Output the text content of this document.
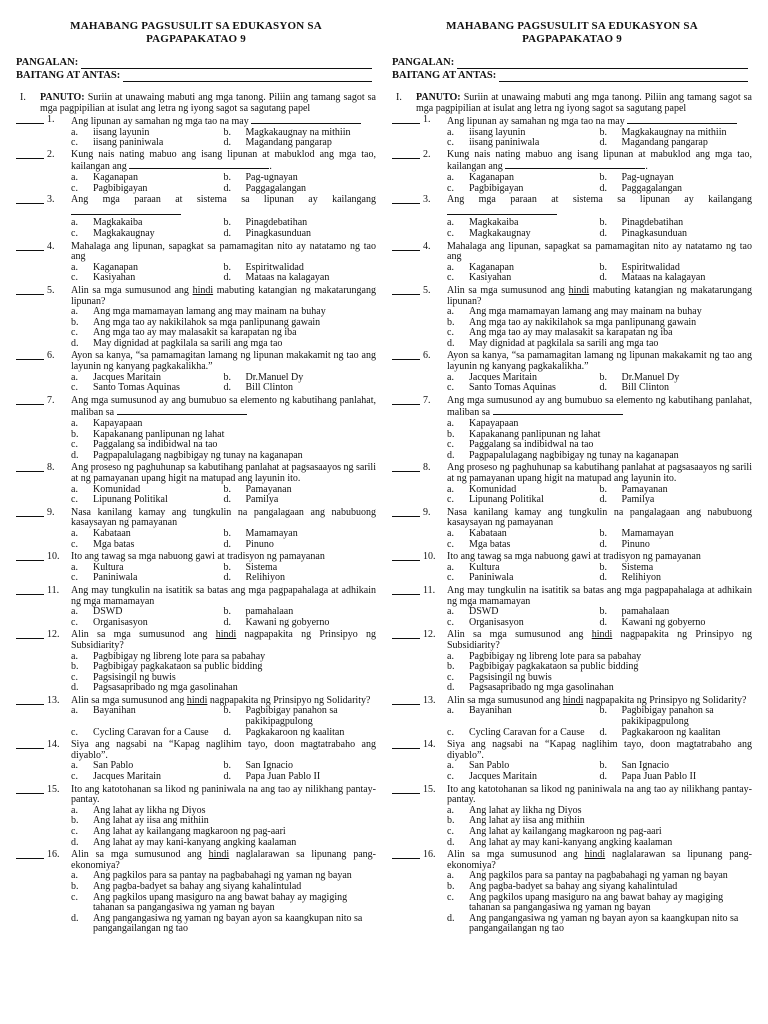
MAHABANG PAGSUSULIT SA EDUKASYON SA
PAGPAPAKATAO 9
PANGALAN:
BAITANG AT ANTAS:
I.	PANUTO: Suriin at unawaing mabuti ang mga tanong. Piliin ang tamang sagot sa mga pagpipilian at isulat ang letra ng iyong sagot sa sagutang papel
1. Ang lipunan ay samahan ng mga tao na may
a.	iisang layunin	b.	Magkakaugnay na mithiin
c.	iisang paniniwala	d.	Magandang pangarap
2. Kung nais nating mabuo ang isang lipunan at mabuklod ang mga tao, kailangan ang	.
a.	Kaganapan	b.	Pag-ugnayan
c.	Pagbibigayan	d.	Paggagalangan
3. Ang mga paraan at sistema sa lipunan ay kailangang
a.	Magkakaiba	b.	Pinagdebatihan
c.	Magkakaugnay	d.	Pinagkasunduan
4. Mahalaga ang lipunan, sapagkat sa pamamagitan nito ay natatamo ng tao ang
a.	Kaganapan	b.	Espiritwalidad
c.	Kasiyahan	d.	Mataas na kalagayan
5. Alin sa mga sumusunod ang hindi mabuting katangian ng makatarungang lipunan?
a.	Ang mga mamamayan lamang ang may mainam na buhay
b.	Ang mga tao ay nakikilahok sa mga panlipunang gawain
c.	Ang mga tao ay may malasakit sa karapatan ng iba
d.	May dignidad at pagkilala sa sarili ang mga tao
6. Ayon sa kanya, “sa pamamagitan lamang ng lipunan makakamit ng tao ang layunin ng kanyang pagkakalikha.”
a.	Jacques Maritain	b.	Dr.Manuel Dy
c.	Santo Tomas Aquinas	d.	Bill Clinton
7. Ang mga sumusunod ay ang bumubuo sa elemento ng kabutihang panlahat, maliban sa
a.	Kapayapaan
b.	Kapakanang panlipunan ng lahat
c.	Paggalang sa indibidwal na tao
d.	Pagpapalulagang nagbibigay ng tunay na kaganapan
8. Ang proseso ng paghuhunap sa kabutihang panlahat at pagsasaayos ng sarili at ng pamayanan upang higit na matupad ang layunin ito.
a.	Komunidad	b.	Pamayanan
c.	Lipunang Politikal	d.	Pamilya
9. Nasa kanilang kamay ang tungkulin na pangalagaan ang nabubuong kasaysayan ng pamayanan
a.	Kabataan	b.	Mamamayan
c.	Mga batas	d.	Pinuno
10. Ito ang tawag sa mga nabuong gawi at tradisyon ng pamayanan
a.	Kultura	b.	Sistema
c.	Paniniwala	d.	Relihiyon
11. Ang may tungkulin na isatitik sa batas ang mga pagpapahalaga at adhikain ng mga mamamayan
a.	DSWD	b.	pamahalaan
c.	Organisasyon	d.	Kawani ng gobyerno
12. Alin sa mga sumusunod ang hindi nagpapakita ng Prinsipyo ng Subsidiarity?
a.	Pagbibigay ng libreng lote para sa pabahay
b.	Pagbibigay pagkakataon sa public bidding
c.	Pagsisingil ng buwis
d.	Pagsasapribado ng mga gasolinahan
13. Alin sa mga sumusunod ang hindi nagpapakita ng Prinsipyo ng Solidarity?
a.	Bayanihan	b.	Pagbibigay panahon sa pakikipagpulong
c.	Cycling Caravan for a Cause	d.	Pagkakaroon ng kaalitan
14. Siya ang nagsabi na “Kapag naglihim tayo, doon magtatrabaho ang diyablo”.
a.	San Pablo	b.	San Ignacio
c.	Jacques Maritain	d.	Papa Juan Pablo II
15. Ito ang katotohanan sa likod ng paniniwala na ang tao ay nilikhang pantay-pantay.
a.	Ang lahat ay likha ng Diyos
b.	Ang lahat ay iisa ang mithiin
c.	Ang lahat ay kailangang magkaroon ng pag-aari
d.	Ang lahat ay may kani-kanyang angking kaalaman
16. Alin sa mga sumusunod ang hindi naglalarawan sa lipunang pang-ekonomiya?
a.	Ang pagkilos para sa pantay na pagbabahagi ng yaman ng bayan
b.	Ang pagba-badyet sa bahay ang siyang kahalintulad
c.	Ang pagkilos upang masiguro na ang bawat bahay ay magiging tahanan sa pangangasiwa ng yaman ng bayan
d.	Ang pangangasiwa ng yaman ng bayan ayon sa kaangkupan nito sa pangangailangan ng tao
MAHABANG PAGSUSULIT SA EDUKASYON SA
PAGPAPAKATAO 9
PANGALAN:
BAITANG AT ANTAS:
I.	PANUTO: Suriin at unawaing mabuti ang mga tanong. Piliin ang tamang sagot sa mga pagpipilian at isulat ang letra ng iyong sagot sa sagutang papel
1. Ang lipunan ay samahan ng mga tao na may
a.	iisang layunin	b.	Magkakaugnay na mithiin
c.	iisang paniniwala	d.	Magandang pangarap
2. Kung nais nating mabuo ang isang lipunan at mabuklod ang mga tao, kailangan ang	.
a.	Kaganapan	b.	Pag-ugnayan
c.	Pagbibigayan	d.	Paggagalangan
3. Ang mga paraan at sistema sa lipunan ay kailangang
a.	Magkakaiba	b.	Pinagdebatihan
c.	Magkakaugnay	d.	Pinagkasunduan
4. Mahalaga ang lipunan, sapagkat sa pamamagitan nito ay natatamo ng tao ang
a.	Kaganapan	b.	Espiritwalidad
c.	Kasiyahan	d.	Mataas na kalagayan
5. Alin sa mga sumusunod ang hindi mabuting katangian ng makatarungang lipunan?
a.	Ang mga mamamayan lamang ang may mainam na buhay
b.	Ang mga tao ay nakikilahok sa mga panlipunang gawain
c.	Ang mga tao ay may malasakit sa karapatan ng iba
d.	May dignidad at pagkilala sa sarili ang mga tao
6. Ayon sa kanya, “sa pamamagitan lamang ng lipunan makakamit ng tao ang layunin ng kanyang pagkakalikha.”
a.	Jacques Maritain	b.	Dr.Manuel Dy
c.	Santo Tomas Aquinas	d.	Bill Clinton
7. Ang mga sumusunod ay ang bumubuo sa elemento ng kabutihang panlahat, maliban sa
a.	Kapayapaan
b.	Kapakanang panlipunan ng lahat
c.	Paggalang sa indibidwal na tao
d.	Pagpapalulagang nagbibigay ng tunay na kaganapan
8. Ang proseso ng paghuhunap sa kabutihang panlahat at pagsasaayos ng sarili at ng pamayanan upang higit na matupad ang layunin ito.
a.	Komunidad	b.	Pamayanan
c.	Lipunang Politikal	d.	Pamilya
9. Nasa kanilang kamay ang tungkulin na pangalagaan ang nabubuong kasaysayan ng pamayanan
a.	Kabataan	b.	Mamamayan
c.	Mga batas	d.	Pinuno
10. Ito ang tawag sa mga nabuong gawi at tradisyon ng pamayanan
a.	Kultura	b.	Sistema
c.	Paniniwala	d.	Relihiyon
11. Ang may tungkulin na isatitik sa batas ang mga pagpapahalaga at adhikain ng mga mamamayan
a.	DSWD	b.	pamahalaan
c.	Organisasyon	d.	Kawani ng gobyerno
12. Alin sa mga sumusunod ang hindi nagpapakita ng Prinsipyo ng Subsidiarity?
a.	Pagbibigay ng libreng lote para sa pabahay
b.	Pagbibigay pagkakataon sa public bidding
c.	Pagsisingil ng buwis
d.	Pagsasapribado ng mga gasolinahan
13. Alin sa mga sumusunod ang hindi nagpapakita ng Prinsipyo ng Solidarity?
a.	Bayanihan	b.	Pagbibigay panahon sa pakikipagpulong
c.	Cycling Caravan for a Cause	d.	Pagkakaroon ng kaalitan
14. Siya ang nagsabi na “Kapag naglihim tayo, doon magtatrabaho ang diyablo”.
a.	San Pablo	b.	San Ignacio
c.	Jacques Maritain	d.	Papa Juan Pablo II
15. Ito ang katotohanan sa likod ng paniniwala na ang tao ay nilikhang pantay-pantay.
a.	Ang lahat ay likha ng Diyos
b.	Ang lahat ay iisa ang mithiin
c.	Ang lahat ay kailangang magkaroon ng pag-aari
d.	Ang lahat ay may kani-kanyang angking kaalaman
16. Alin sa mga sumusunod ang hindi naglalarawan sa lipunang pang-ekonomiya?
a.	Ang pagkilos para sa pantay na pagbabahagi ng yaman ng bayan
b.	Ang pagba-badyet sa bahay ang siyang kahalintulad
c.	Ang pagkilos upang masiguro na ang bawat bahay ay magiging tahanan sa pangangasiwa ng yaman ng bayan
d.	Ang pangangasiwa ng yaman ng bayan ayon sa kaangkupan nito sa pangangailangan ng tao
